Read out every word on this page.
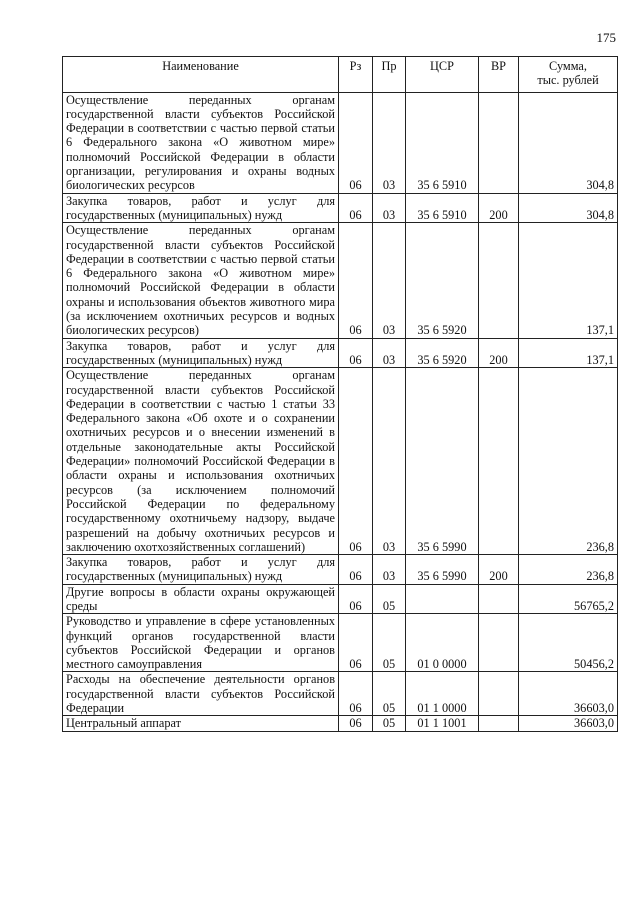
175
Наименование	Рз	Пр	ЦСР	ВР	Сумма,
тыс. рублей
Осуществление переданных органам государственной власти субъектов Российской Федерации в соответствии с частью первой статьи 6 Федерального закона «О животном мире» полномочий Российской Федерации в области организации, регулирования и охраны водных биологических ресурсов	06	03	35 6 5910		304,8
Закупка товаров, работ и услуг для государственных (муниципальных) нужд	06	03	35 6 5910	200	304,8
Осуществление переданных органам государственной власти субъектов Российской Федерации в соответствии с частью первой статьи 6 Федерального закона «О животном мире» полномочий Российской Федерации в области охраны и использования объектов животного мира (за исключением охотничьих ресурсов и водных биологических ресурсов)	06	03	35 6 5920		137,1
Закупка товаров, работ и услуг для государственных (муниципальных) нужд	06	03	35 6 5920	200	137,1
Осуществление переданных органам государственной власти субъектов Российской Федерации в соответствии с частью 1 статьи 33 Федерального закона «Об охоте и о сохранении охотничьих ресурсов и о внесении изменений в отдельные законодательные акты Российской Федерации» полномочий Российской Федерации в области охраны и использования охотничьих ресурсов (за исключением полномочий Российской Федерации по федеральному государственному охотничьему надзору, выдаче разрешений на добычу охотничьих ресурсов и заключению охотхозяйственных соглашений)	06	03	35 6 5990		236,8
Закупка товаров, работ и услуг для государственных (муниципальных) нужд	06	03	35 6 5990	200	236,8
Другие вопросы в области охраны окружающей среды	06	05			56765,2
Руководство и управление в сфере установленных функций органов государственной власти субъектов Российской Федерации и органов местного самоуправления	06	05	01 0 0000		50456,2
Расходы на обеспечение деятельности органов государственной власти субъектов Российской Федерации	06	05	01 1 0000		36603,0
Центральный аппарат	06	05	01 1 1001		36603,0
